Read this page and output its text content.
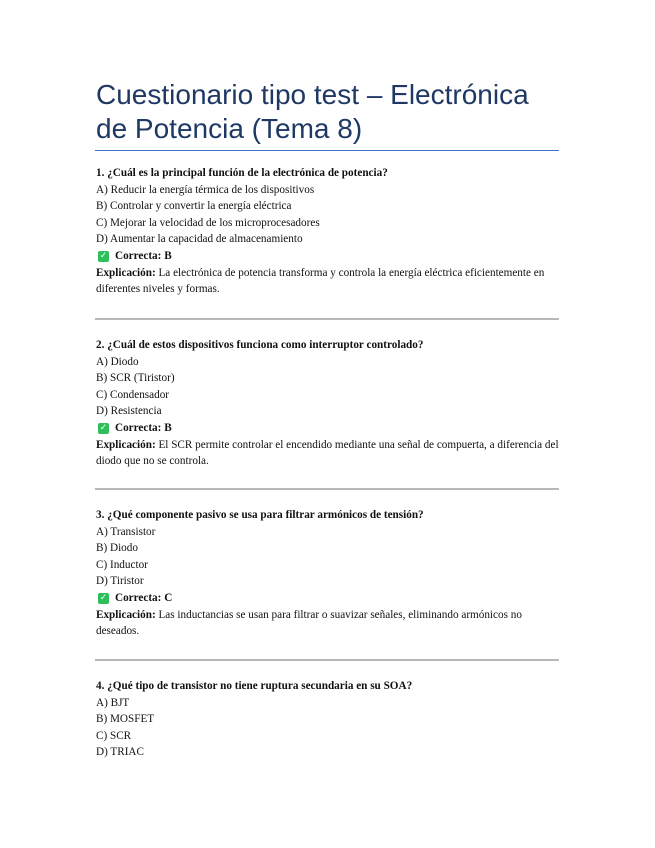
Cuestionario tipo test – Electrónica de Potencia (Tema 8)
1. ¿Cuál es la principal función de la electrónica de potencia?
A) Reducir la energía térmica de los dispositivos
B) Controlar y convertir la energía eléctrica
C) Mejorar la velocidad de los microprocesadores
D) Aumentar la capacidad de almacenamiento
✓ Correcta: B
Explicación: La electrónica de potencia transforma y controla la energía eléctrica eficientemente en diferentes niveles y formas.
2. ¿Cuál de estos dispositivos funciona como interruptor controlado?
A) Diodo
B) SCR (Tiristor)
C) Condensador
D) Resistencia
✓ Correcta: B
Explicación: El SCR permite controlar el encendido mediante una señal de compuerta, a diferencia del diodo que no se controla.
3. ¿Qué componente pasivo se usa para filtrar armónicos de tensión?
A) Transistor
B) Diodo
C) Inductor
D) Tiristor
✓ Correcta: C
Explicación: Las inductancias se usan para filtrar o suavizar señales, eliminando armónicos no deseados.
4. ¿Qué tipo de transistor no tiene ruptura secundaria en su SOA?
A) BJT
B) MOSFET
C) SCR
D) TRIAC
